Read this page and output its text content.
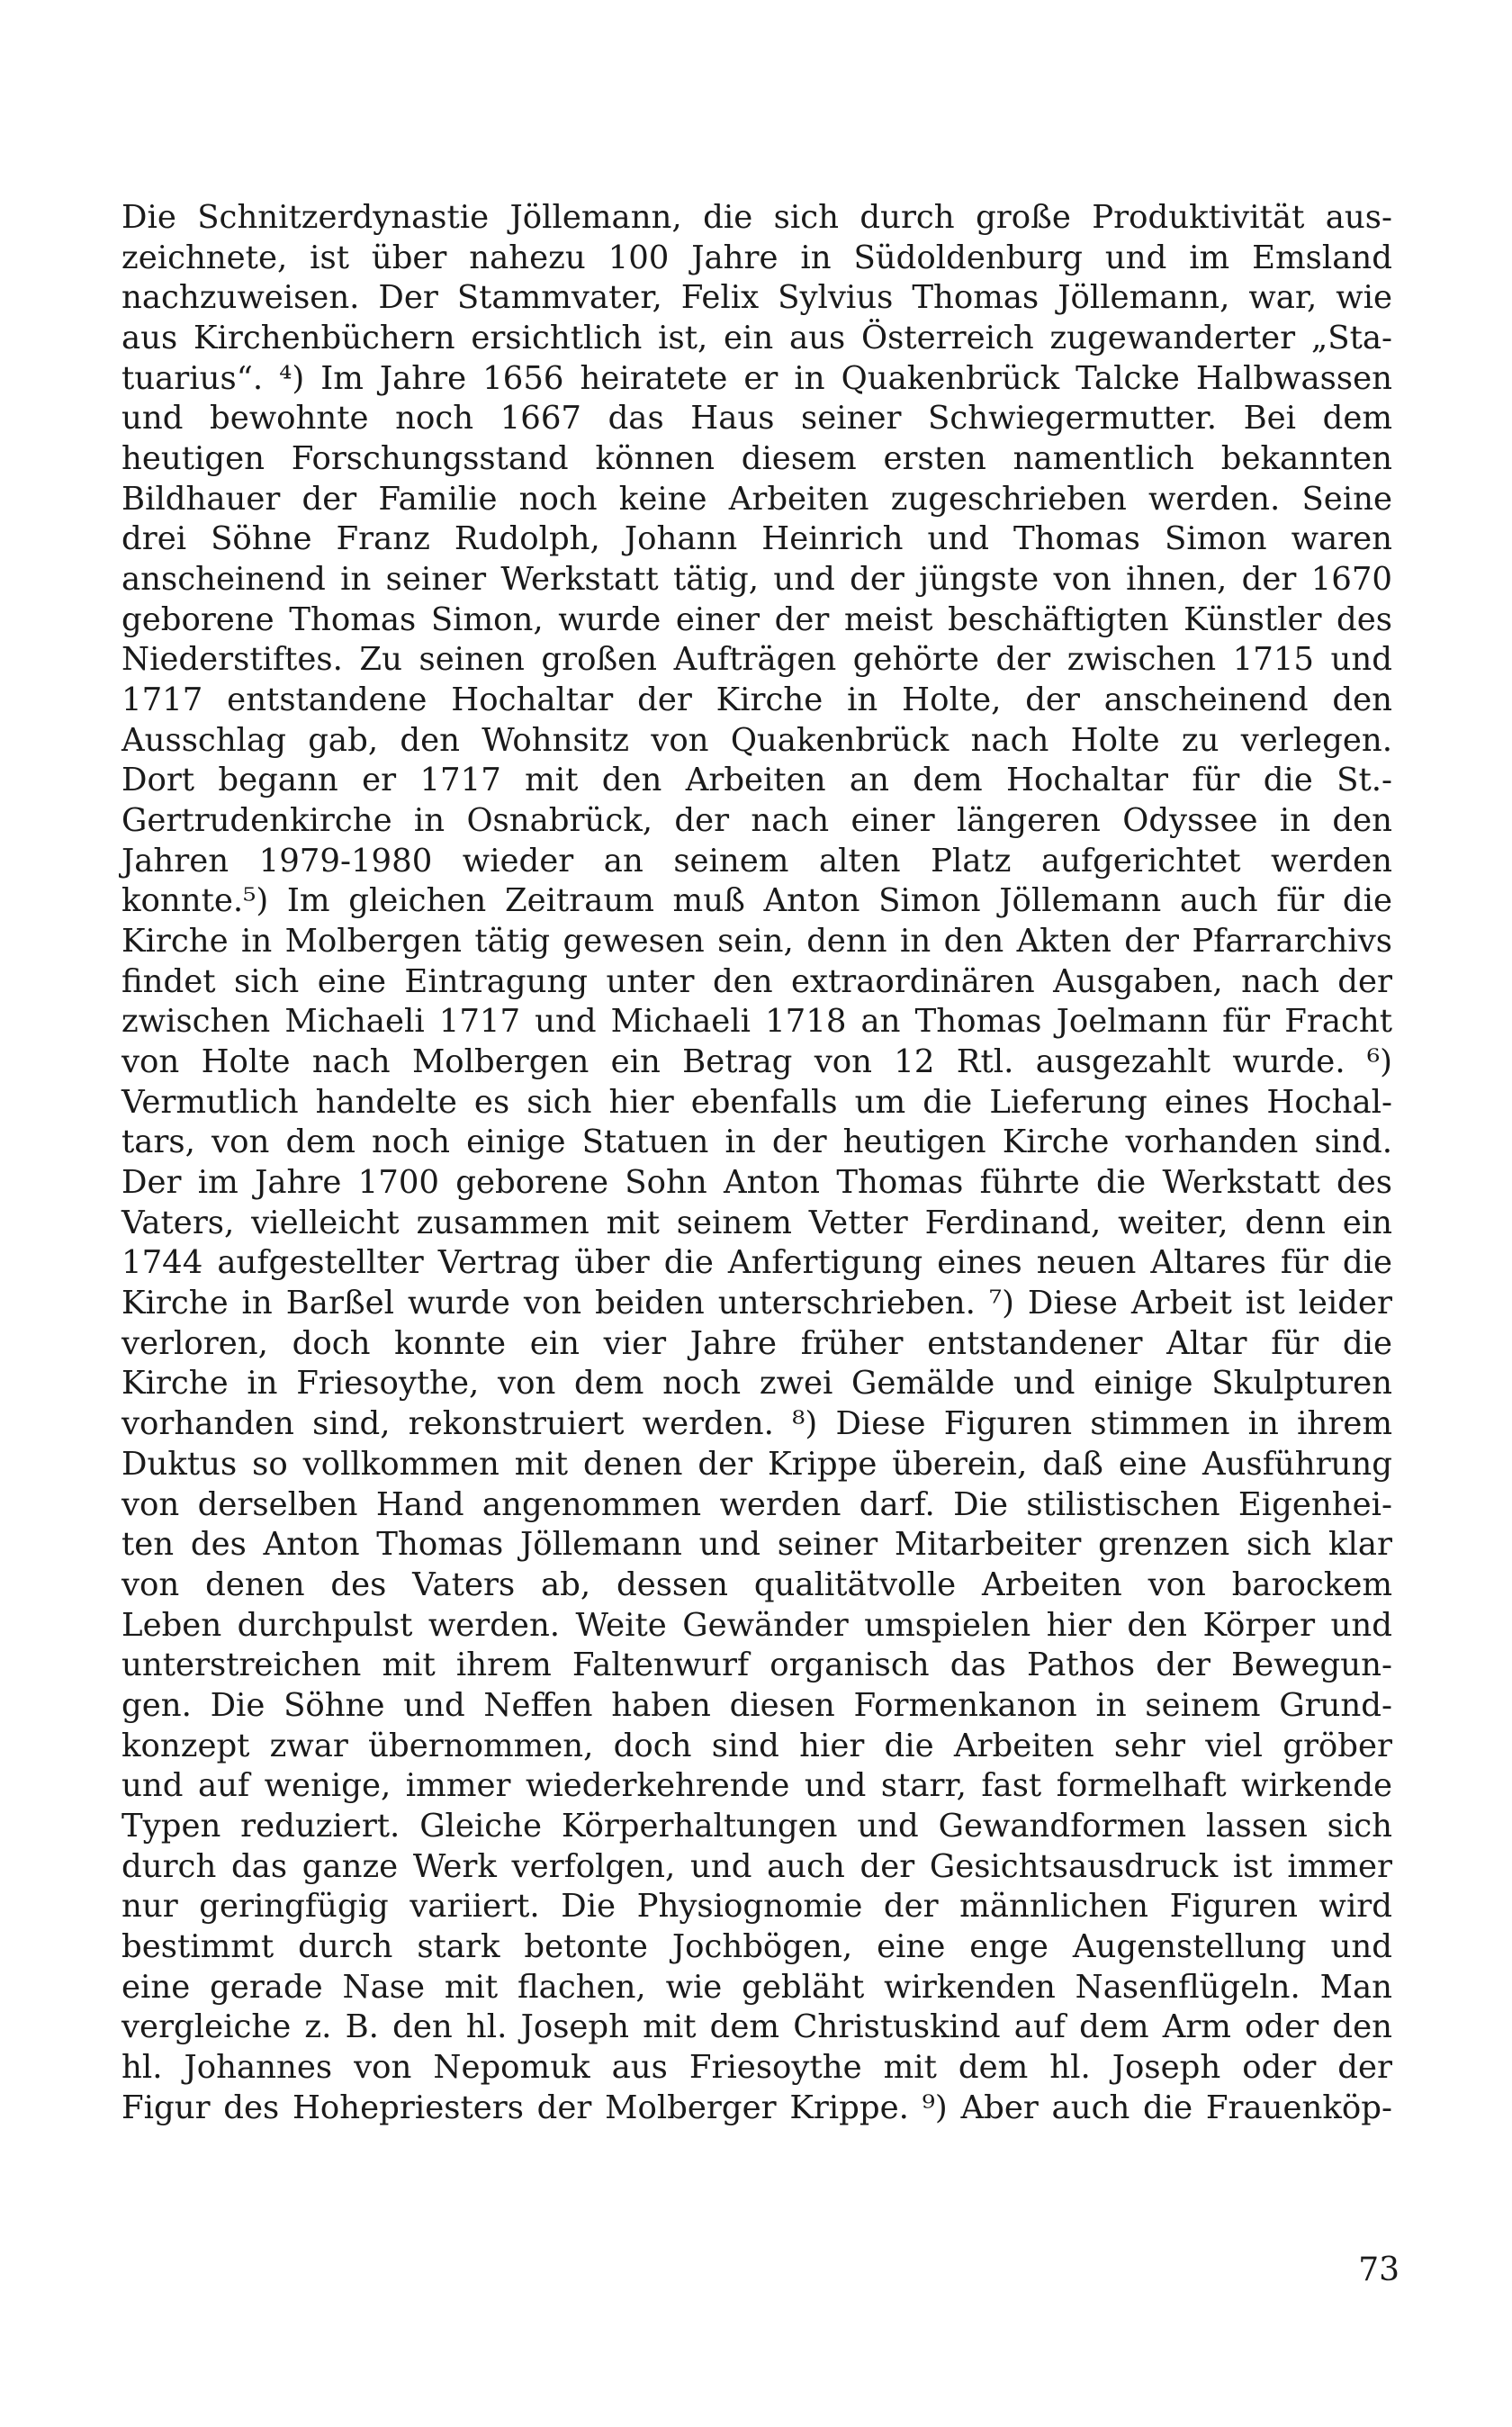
Die Schnitzerdynastie Jöllemann, die sich durch große Produktivität aus-
zeichnete, ist über nahezu 100 Jahre in Südoldenburg und im Emsland
nachzuweisen. Der Stammvater, Felix Sylvius Thomas Jöllemann, war, wie
aus Kirchenbüchern ersichtlich ist, ein aus Österreich zugewanderter „Sta-
tuarius“. ⁴) Im Jahre 1656 heiratete er in Quakenbrück Talcke Halbwassen
und bewohnte noch 1667 das Haus seiner Schwiegermutter. Bei dem
heutigen Forschungsstand können diesem ersten namentlich bekannten
Bildhauer der Familie noch keine Arbeiten zugeschrieben werden. Seine
drei Söhne Franz Rudolph, Johann Heinrich und Thomas Simon waren
anscheinend in seiner Werkstatt tätig, und der jüngste von ihnen, der 1670
geborene Thomas Simon, wurde einer der meist beschäftigten Künstler des
Niederstiftes. Zu seinen großen Aufträgen gehörte der zwischen 1715 und
1717 entstandene Hochaltar der Kirche in Holte, der anscheinend den
Ausschlag gab, den Wohnsitz von Quakenbrück nach Holte zu verlegen.
Dort begann er 1717 mit den Arbeiten an dem Hochaltar für die St.-
Gertrudenkirche in Osnabrück, der nach einer längeren Odyssee in den
Jahren 1979-1980 wieder an seinem alten Platz aufgerichtet werden
konnte.⁵) Im gleichen Zeitraum muß Anton Simon Jöllemann auch für die
Kirche in Molbergen tätig gewesen sein, denn in den Akten der Pfarrarchivs
findet sich eine Eintragung unter den extraordinären Ausgaben, nach der
zwischen Michaeli 1717 und Michaeli 1718 an Thomas Joelmann für Fracht
von Holte nach Molbergen ein Betrag von 12 Rtl. ausgezahlt wurde. ⁶)
Vermutlich handelte es sich hier ebenfalls um die Lieferung eines Hochal-
tars, von dem noch einige Statuen in der heutigen Kirche vorhanden sind.
Der im Jahre 1700 geborene Sohn Anton Thomas führte die Werkstatt des
Vaters, vielleicht zusammen mit seinem Vetter Ferdinand, weiter, denn ein
1744 aufgestellter Vertrag über die Anfertigung eines neuen Altares für die
Kirche in Barßel wurde von beiden unterschrieben. ⁷) Diese Arbeit ist leider
verloren, doch konnte ein vier Jahre früher entstandener Altar für die
Kirche in Friesoythe, von dem noch zwei Gemälde und einige Skulpturen
vorhanden sind, rekonstruiert werden. ⁸) Diese Figuren stimmen in ihrem
Duktus so vollkommen mit denen der Krippe überein, daß eine Ausführung
von derselben Hand angenommen werden darf. Die stilistischen Eigenhei-
ten des Anton Thomas Jöllemann und seiner Mitarbeiter grenzen sich klar
von denen des Vaters ab, dessen qualitätvolle Arbeiten von barockem
Leben durchpulst werden. Weite Gewänder umspielen hier den Körper und
unterstreichen mit ihrem Faltenwurf organisch das Pathos der Bewegun-
gen. Die Söhne und Neffen haben diesen Formenkanon in seinem Grund-
konzept zwar übernommen, doch sind hier die Arbeiten sehr viel gröber
und auf wenige, immer wiederkehrende und starr, fast formelhaft wirkende
Typen reduziert. Gleiche Körperhaltungen und Gewandformen lassen sich
durch das ganze Werk verfolgen, und auch der Gesichtsausdruck ist immer
nur geringfügig variiert. Die Physiognomie der männlichen Figuren wird
bestimmt durch stark betonte Jochbögen, eine enge Augenstellung und
eine gerade Nase mit flachen, wie gebläht wirkenden Nasenflügeln. Man
vergleiche z. B. den hl. Joseph mit dem Christuskind auf dem Arm oder den
hl. Johannes von Nepomuk aus Friesoythe mit dem hl. Joseph oder der
Figur des Hohepriesters der Molberger Krippe. ⁹) Aber auch die Frauenköp-
73
